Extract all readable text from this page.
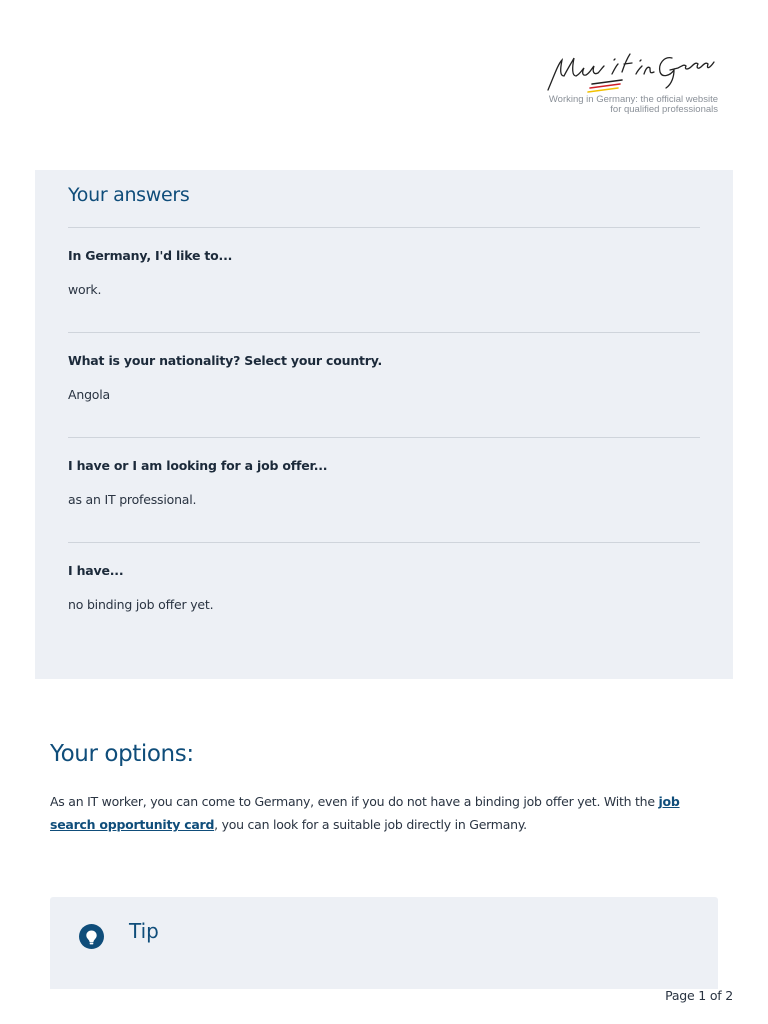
Working in Germany: the official website
for qualified professionals
Your answers
In Germany, I'd like to...
work.
What is your nationality? Select your country.
Angola
I have or I am looking for a job offer...
as an IT professional.
I have...
no binding job offer yet.
Your options:

As an IT worker, you can come to Germany, even if you do not have a binding job offer yet. With the job search opportunity card, you can look for a suitable job directly in Germany.

Tip
Page 1 of 2
